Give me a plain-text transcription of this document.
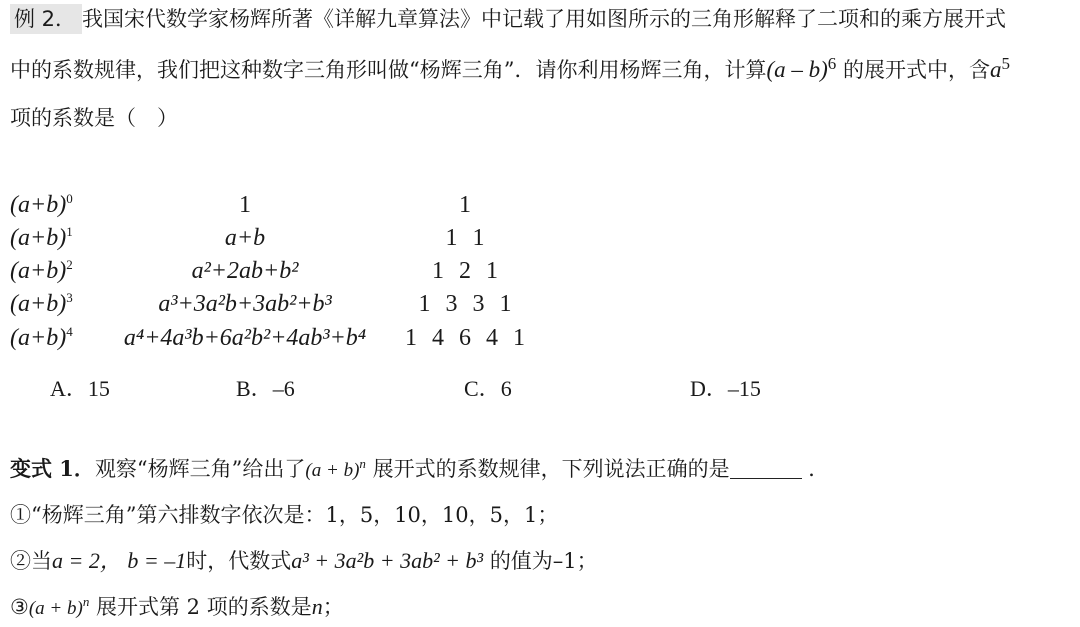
例 2． 我国宋代数学家杨辉所著《详解九章算法》中记载了用如图所示的三角形解释了二项和的乘方展开式
中的系数规律，我们把这种数字三角形叫做“杨辉三角”．请你利用杨辉三角，计算(a – b)$^6$ 的展开式中，含$a^5$
项的系数是（　）
$(a+b)^0$	1	1
$(a+b)^1$	a+b	1 1
$(a+b)^2$	a²+2ab+b²	1 2 1
$(a+b)^3$	a³+3a²b+3ab²+b³	1 3 3 1
$(a+b)^4$	a⁴+4a³b+6a²b²+4ab³+b⁴	1 4 6 4 1
A．15	B．–6	C．6	D．–15
变式 1．观察“杨辉三角”给出了$(a + b)^n$ 展开式的系数规律，下列说法正确的是	．
①“杨辉三角”第六排数字依次是：1，5，10，10，5，1；
②当a = 2， b = –1时，代数式a³ + 3a²b + 3ab² + b³ 的值为–1；
③(a + b)$^n$ 展开式第 2 项的系数是n；
